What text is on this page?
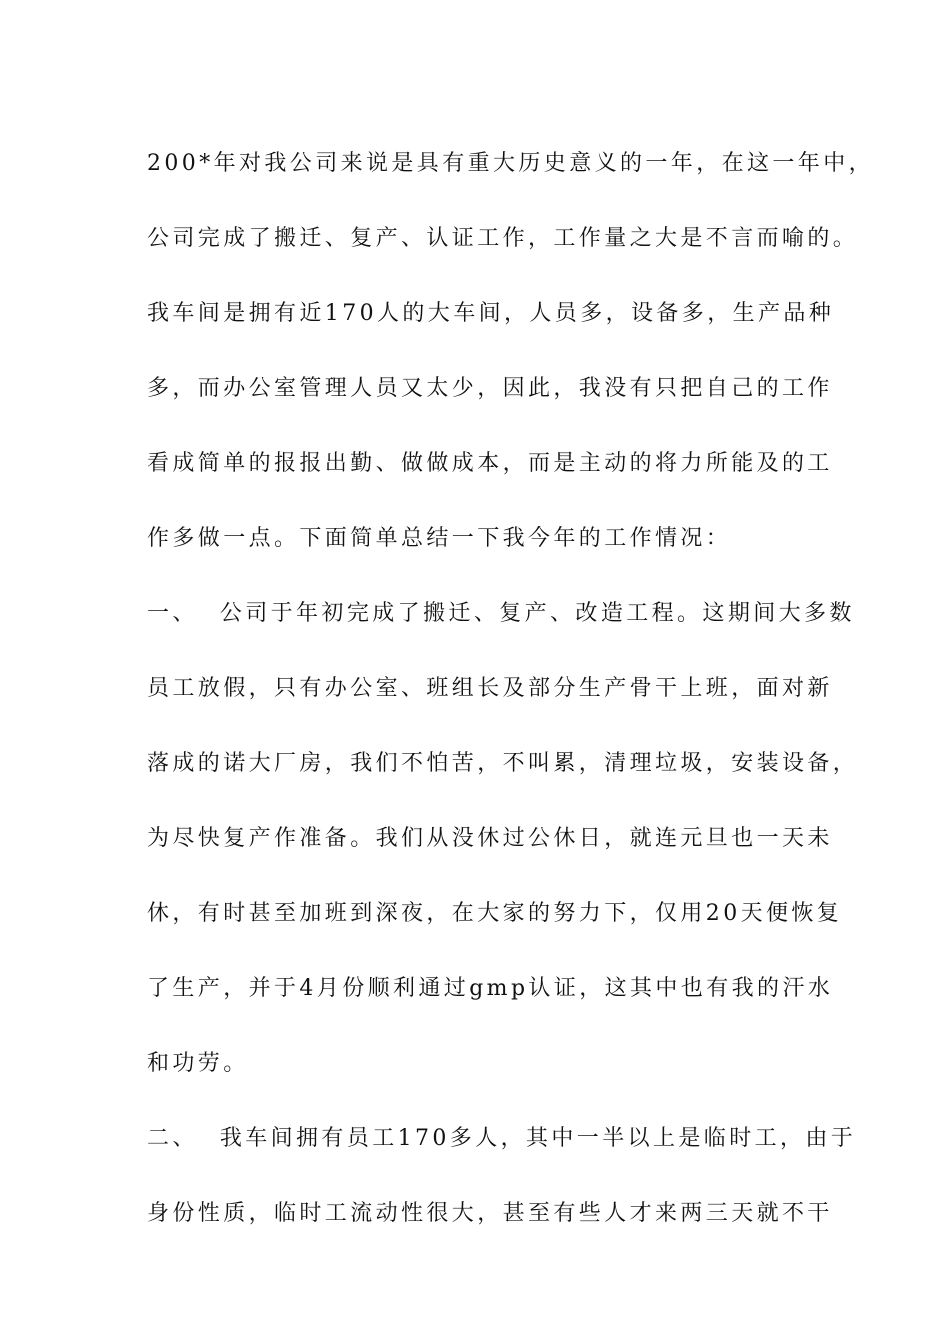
200*年对我公司来说是具有重大历史意义的一年，在这一年中，
公司完成了搬迁、复产、认证工作，工作量之大是不言而喻的。
我车间是拥有近170人的大车间，人员多，设备多，生产品种
多，而办公室管理人员又太少，因此，我没有只把自己的工作
看成简单的报报出勤、做做成本，而是主动的将力所能及的工
作多做一点。下面简单总结一下我今年的工作情况：
一、 公司于年初完成了搬迁、复产、改造工程。这期间大多数
员工放假，只有办公室、班组长及部分生产骨干上班，面对新
落成的诺大厂房，我们不怕苦，不叫累，清理垃圾，安装设备，
为尽快复产作准备。我们从没休过公休日，就连元旦也一天未
休，有时甚至加班到深夜，在大家的努力下，仅用20天便恢复
了生产，并于4月份顺利通过gmp认证，这其中也有我的汗水
和功劳。
二、 我车间拥有员工170多人，其中一半以上是临时工，由于
身份性质，临时工流动性很大，甚至有些人才来两三天就不干
